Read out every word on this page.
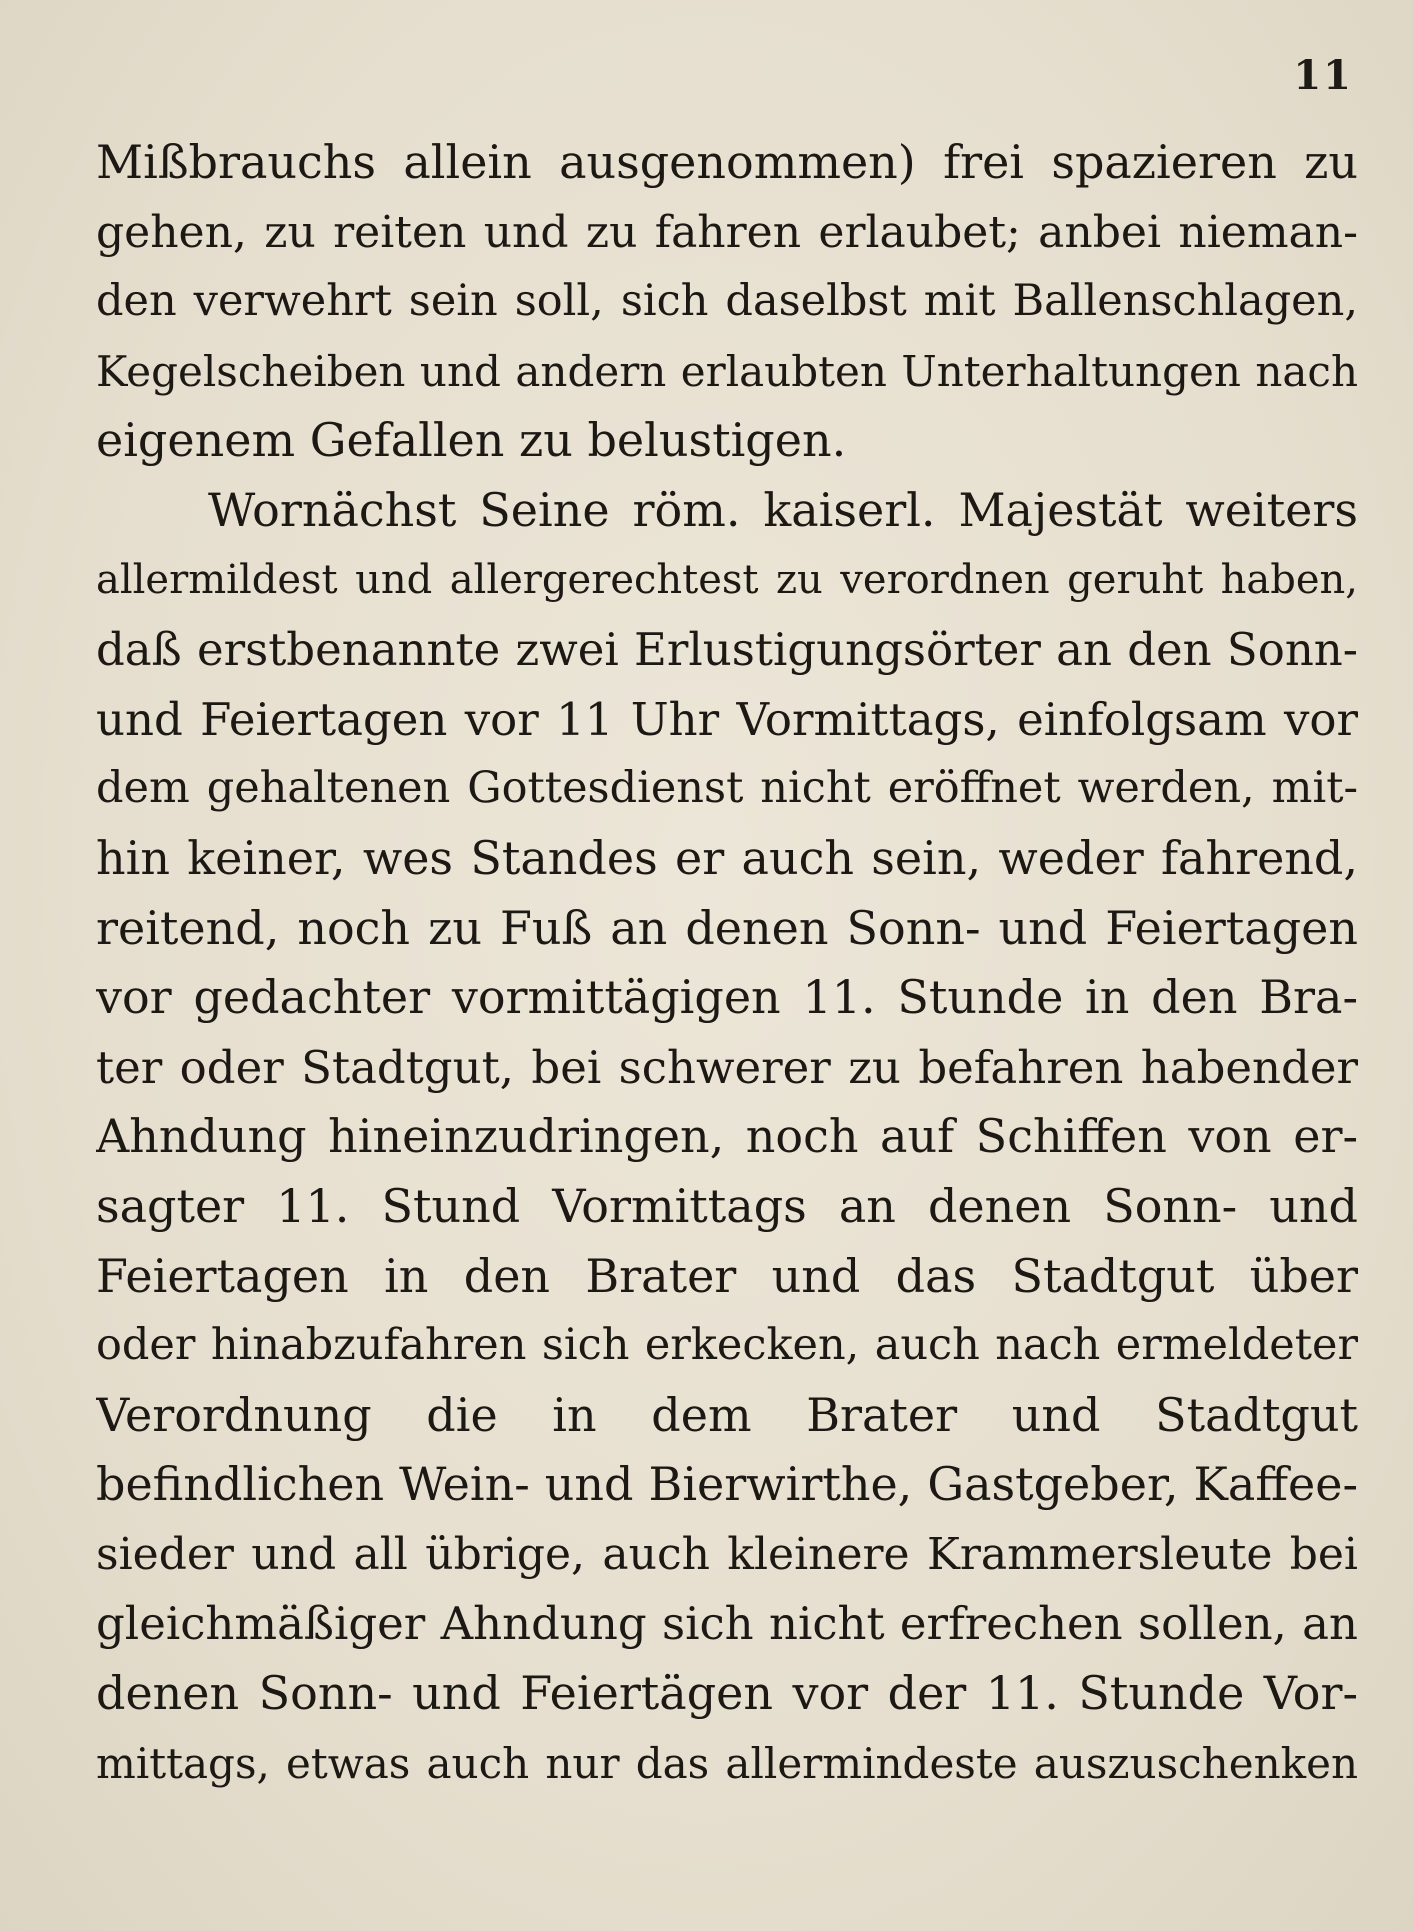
11
Mißbrauchs allein ausgenommen) frei spazieren zu
gehen, zu reiten und zu fahren erlaubet; anbei nieman-
den verwehrt sein soll, sich daselbst mit Ballenschlagen,
Kegelscheiben und andern erlaubten Unterhaltungen nach
eigenem Gefallen zu belustigen.
Wornächst Seine röm. kaiserl. Majestät weiters
allermildest und allergerechtest zu verordnen geruht haben,
daß erstbenannte zwei Erlustigungsörter an den Sonn-
und Feiertagen vor 11 Uhr Vormittags, einfolgsam vor
dem gehaltenen Gottesdienst nicht eröffnet werden, mit-
hin keiner, wes Standes er auch sein, weder fahrend,
reitend, noch zu Fuß an denen Sonn- und Feiertagen
vor gedachter vormittägigen 11. Stunde in den Bra-
ter oder Stadtgut, bei schwerer zu befahren habender
Ahndung hineinzudringen, noch auf Schiffen von er-
sagter 11. Stund Vormittags an denen Sonn- und
Feiertagen in den Brater und das Stadtgut über
oder hinabzufahren sich erkecken, auch nach ermeldeter
Verordnung die in dem Brater und Stadtgut
befindlichen Wein- und Bierwirthe, Gastgeber, Kaffee-
sieder und all übrige, auch kleinere Krammersleute bei
gleichmäßiger Ahndung sich nicht erfrechen sollen, an
denen Sonn- und Feiertägen vor der 11. Stunde Vor-
mittags, etwas auch nur das allermindeste auszuschenken
